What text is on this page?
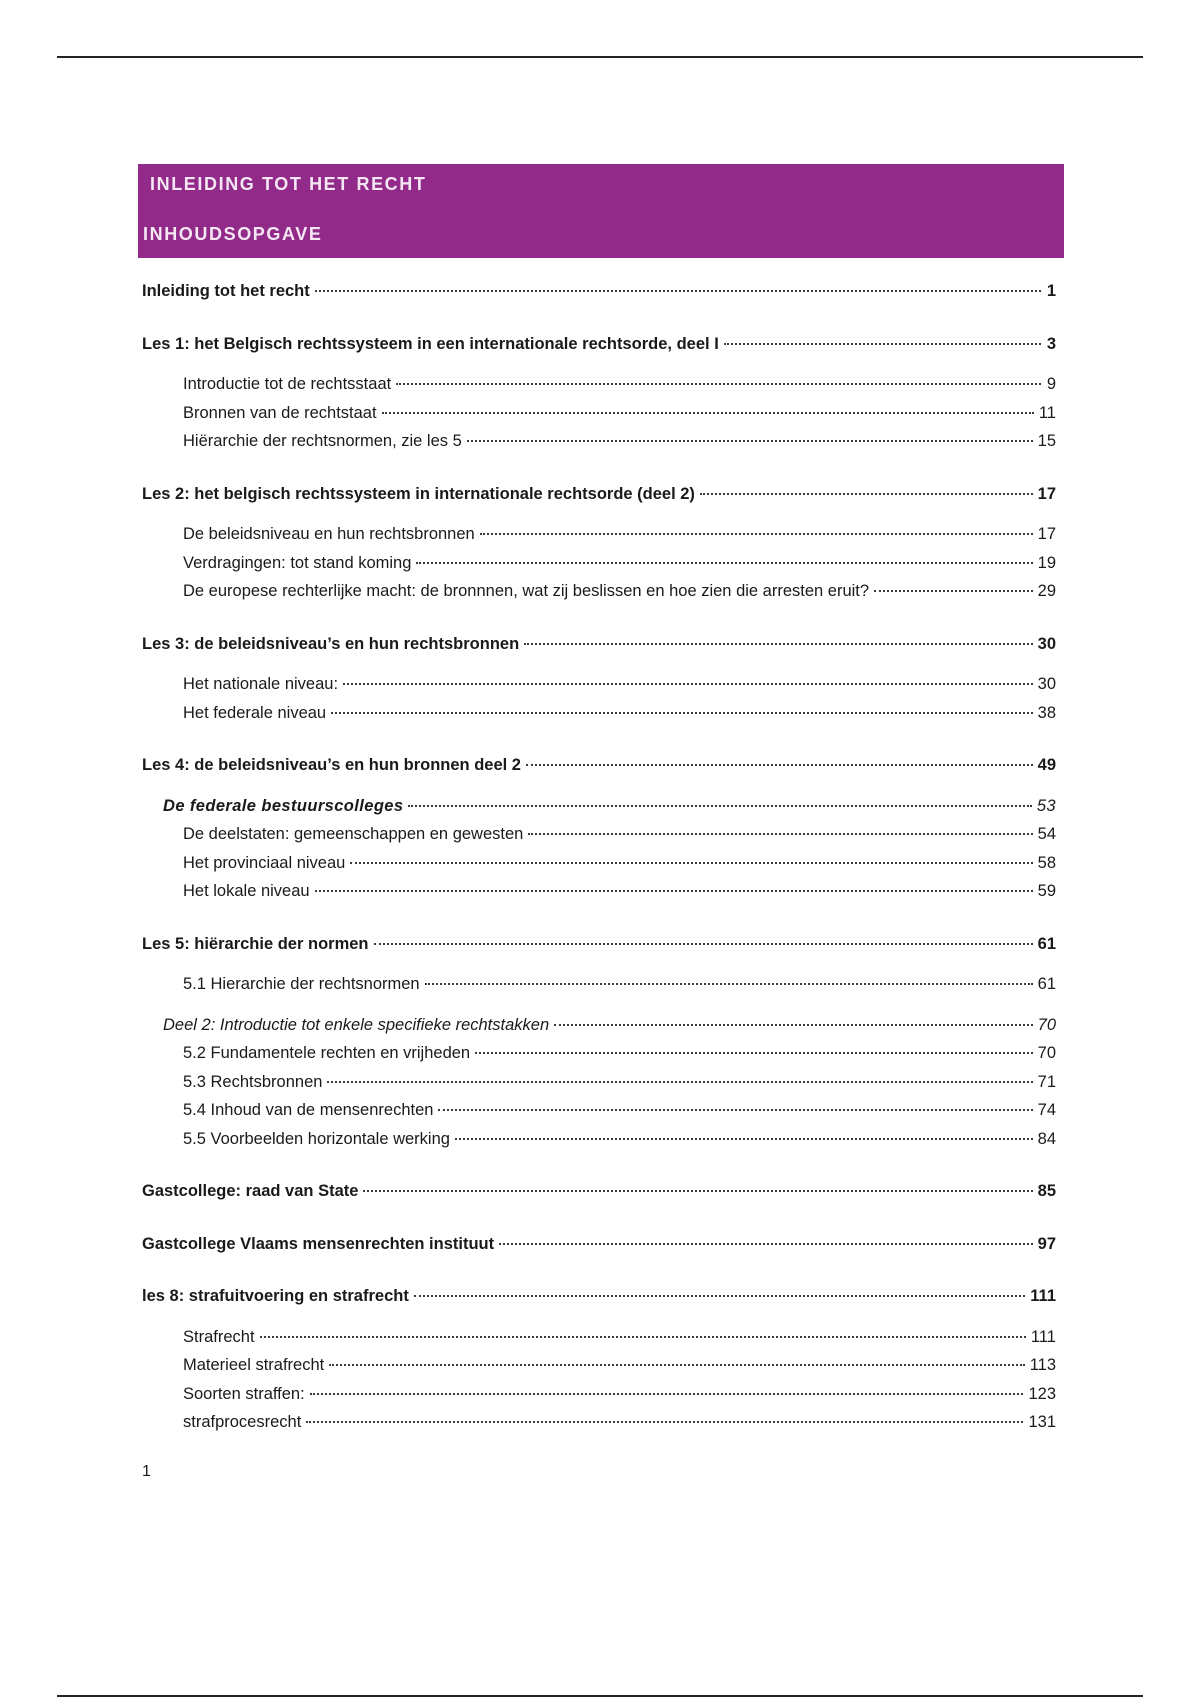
INLEIDING TOT HET RECHT
INHOUDSOPGAVE
Inleiding tot het recht	1
Les 1: het Belgisch rechtssysteem in een internationale rechtsorde, deel I	3
Introductie tot de rechtsstaat	9
Bronnen van de rechtstaat	11
Hiërarchie der rechtsnormen, zie les 5	15
Les 2: het belgisch rechtssysteem in internationale rechtsorde (deel 2)	17
De beleidsniveau en hun rechtsbronnen	17
Verdragingen: tot stand koming	19
De europese rechterlijke macht: de bronnnen, wat zij beslissen en hoe zien die arresten eruit?	29
Les 3: de beleidsniveau’s en hun rechtsbronnen	30
Het nationale niveau:	30
Het federale niveau	38
Les 4: de beleidsniveau’s en hun bronnen deel 2	49
De federale bestuurscolleges	53
De deelstaten: gemeenschappen en gewesten	54
Het provinciaal niveau	58
Het lokale niveau	59
Les 5: hiërarchie der normen	61
5.1 Hierarchie der rechtsnormen	61
Deel 2: Introductie tot enkele specifieke rechtstakken	70
5.2 Fundamentele rechten en vrijheden	70
5.3 Rechtsbronnen	71
5.4 Inhoud van de mensenrechten	74
5.5 Voorbeelden horizontale werking	84
Gastcollege: raad van State	85
Gastcollege Vlaams mensenrechten instituut	97
les 8: strafuitvoering en strafrecht	111
Strafrecht	111
Materieel strafrecht	113
Soorten straffen:	123
strafprocesrecht	131
1
